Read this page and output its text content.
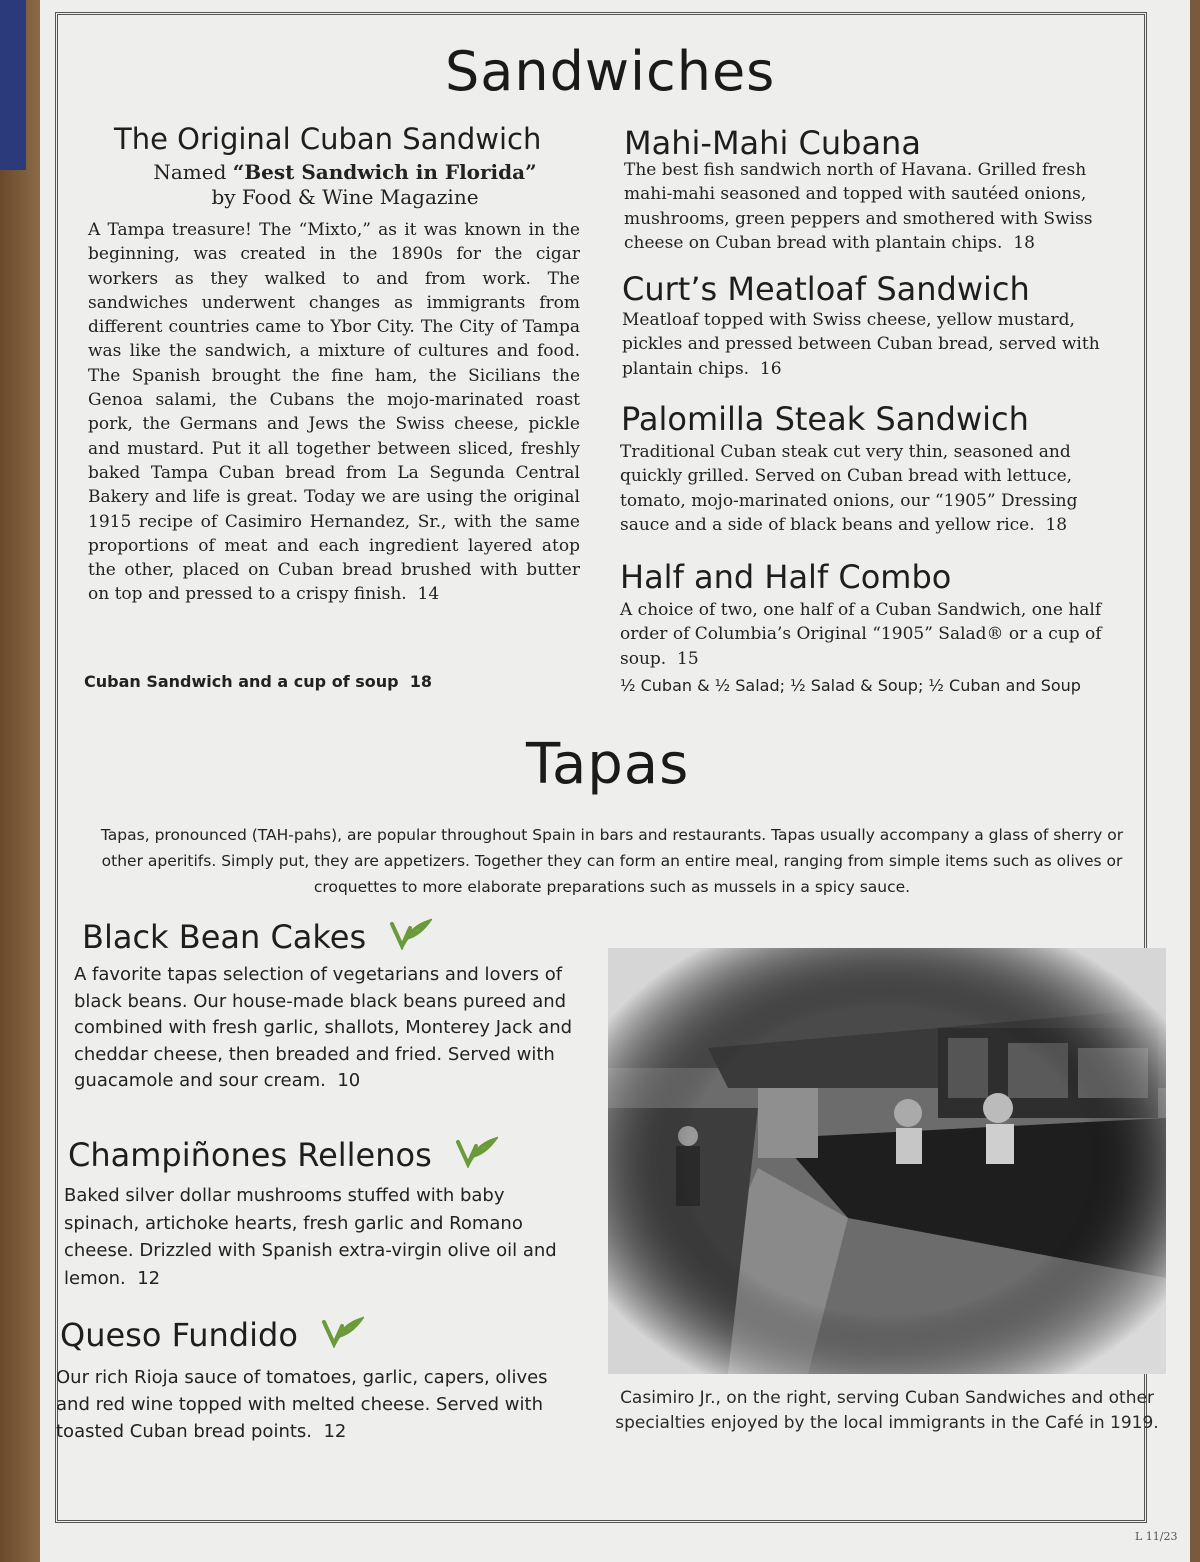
Sandwiches
The Original Cuban Sandwich
Named “Best Sandwich in Florida”
by Food & Wine Magazine

A Tampa treasure! The “Mixto,” as it was known in the beginning, was created in the 1890s for the cigar workers as they walked to and from work. The sandwiches underwent changes as immigrants from different countries came to Ybor City. The City of Tampa was like the sandwich, a mixture of cultures and food. The Spanish brought the fine ham, the Sicilians the Genoa salami, the Cubans the mojo-marinated roast pork, the Germans and Jews the Swiss cheese, pickle and mustard. Put it all together between sliced, freshly baked Tampa Cuban bread from La Segunda Central Bakery and life is great. Today we are using the original 1915 recipe of Casimiro Hernandez, Sr., with the same proportions of meat and each ingredient layered atop the other, placed on Cuban bread brushed with butter on top and pressed to a crispy finish. 14

Cuban Sandwich and a cup of soup 18
Mahi-Mahi Cubana

The best fish sandwich north of Havana. Grilled fresh mahi-mahi seasoned and topped with sautéed onions, mushrooms, green peppers and smothered with Swiss cheese on Cuban bread with plantain chips. 18

Curt’s Meatloaf Sandwich

Meatloaf topped with Swiss cheese, yellow mustard, pickles and pressed between Cuban bread, served with plantain chips. 16

Palomilla Steak Sandwich

Traditional Cuban steak cut very thin, seasoned and quickly grilled. Served on Cuban bread with lettuce, tomato, mojo-marinated onions, our “1905” Dressing sauce and a side of black beans and yellow rice. 18

Half and Half Combo

A choice of two, one half of a Cuban Sandwich, one half order of Columbia’s Original “1905” Salad® or a cup of soup. 15

½ Cuban & ½ Salad; ½ Salad & Soup; ½ Cuban and Soup
Tapas

Tapas, pronounced (TAH-pahs), are popular throughout Spain in bars and restaurants. Tapas usually accompany a glass of sherry or other aperitifs. Simply put, they are appetizers. Together they can form an entire meal, ranging from simple items such as olives or croquettes to more elaborate preparations such as mussels in a spicy sauce.

Black Bean Cakes

A favorite tapas selection of vegetarians and lovers of black beans. Our house-made black beans pureed and combined with fresh garlic, shallots, Monterey Jack and cheddar cheese, then breaded and fried. Served with guacamole and sour cream. 10

Champiñones Rellenos

Baked silver dollar mushrooms stuffed with baby spinach, artichoke hearts, fresh garlic and Romano cheese. Drizzled with Spanish extra-virgin olive oil and lemon. 12

Queso Fundido

Our rich Rioja sauce of tomatoes, garlic, capers, olives and red wine topped with melted cheese. Served with toasted Cuban bread points. 12

Casimiro Jr., on the right, serving Cuban Sandwiches and other specialties enjoyed by the local immigrants in the Café in 1919.
L 11/23
